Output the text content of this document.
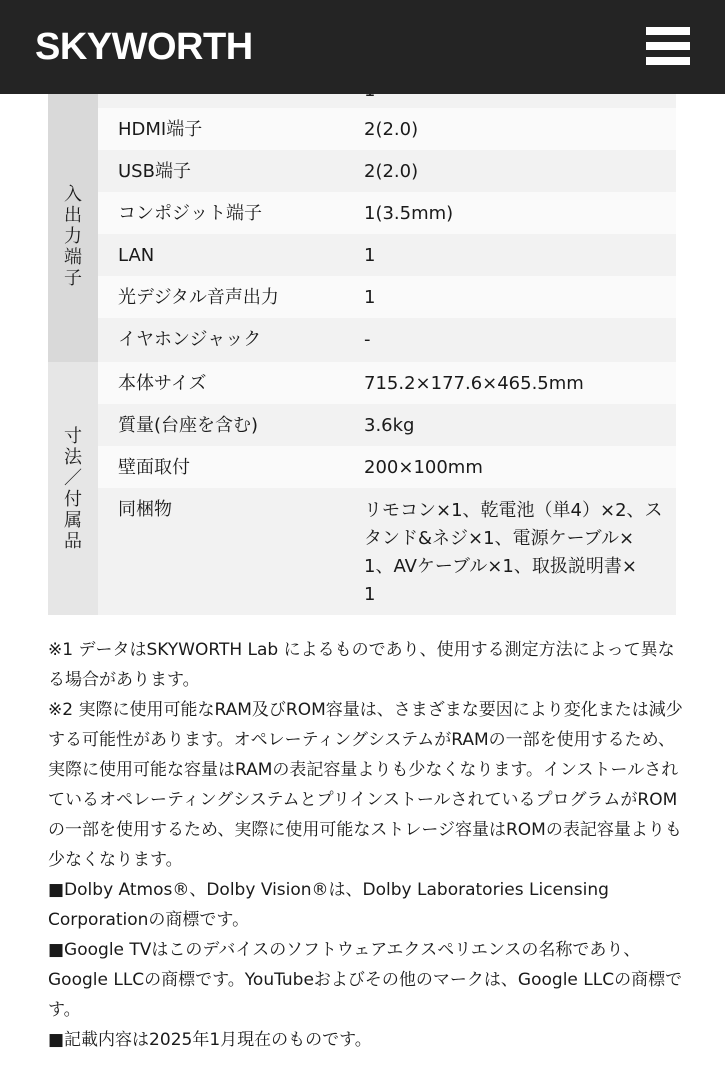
SKYWORTH
入
出
力
端
子
HDMI端子	2(2.0)
USB端子	2(2.0)
コンポジット端子	1(3.5mm)
LAN	1
光デジタル音声出力	1
イヤホンジャック	-
寸
法
／
付
属
品
本体サイズ	715.2×177.6×465.5mm
質量(台座を含む)	3.6kg
壁面取付	200×100mm
同梱物	リモコン×1、乾電池（単4）×2、ス
タンド&ネジ×1、電源ケーブル×
1、AVケーブル×1、取扱説明書×
1

※1 データはSKYWORTH Lab によるものであり、使用する測定方法によって異なる場合があります。

※2 実際に使用可能なRAM及びROM容量は、さまざまな要因により変化または減少する可能性があります。オペレーティングシステムがRAMの一部を使用するため、実際に使用可能な容量はRAMの表記容量よりも少なくなります。インストールされているオペレーティングシステムとプリインストールされているプログラムがROMの一部を使用するため、実際に使用可能なストレージ容量はROMの表記容量よりも少なくなります。

■Dolby Atmos®、Dolby Vision®は、Dolby Laboratories Licensing Corporationの商標です。

■Google TVはこのデバイスのソフトウェアエクスペリエンスの名称であり、Google LLCの商標です。YouTubeおよびその他のマークは、Google LLCの商標です。

■記載内容は2025年1月現在のものです。
